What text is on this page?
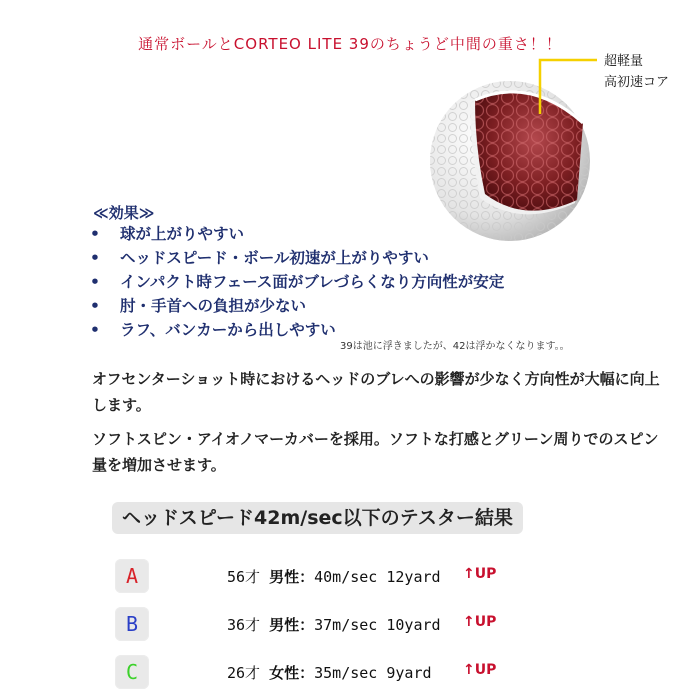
通常ボールとCORTEO LITE 39のちょうど中間の重さ！！
超軽量
高初速コア
≪効果≫
• 球が上がりやすい
• ヘッドスピード・ボール初速が上がりやすい
• インパクト時フェース面がブレづらくなり方向性が安定
• 肘・手首への負担が少ない
• ラフ、バンカーから出しやすい
39は池に浮きましたが、42は浮かなくなります。。
オフセンターショット時におけるヘッドのブレへの影響が少なく方向性が大幅に向上します。
ソフトスピン・アイオノマーカバーを採用。ソフトな打感とグリーン周りでのスピン量を増加させます。
ヘッドスピード42m/sec以下のテスター結果
A	56才 男性：40m/sec 12yard ↑UP
B	36才 男性：37m/sec 10yard ↑UP
C	26才 女性：35m/sec 9yard ↑UP
